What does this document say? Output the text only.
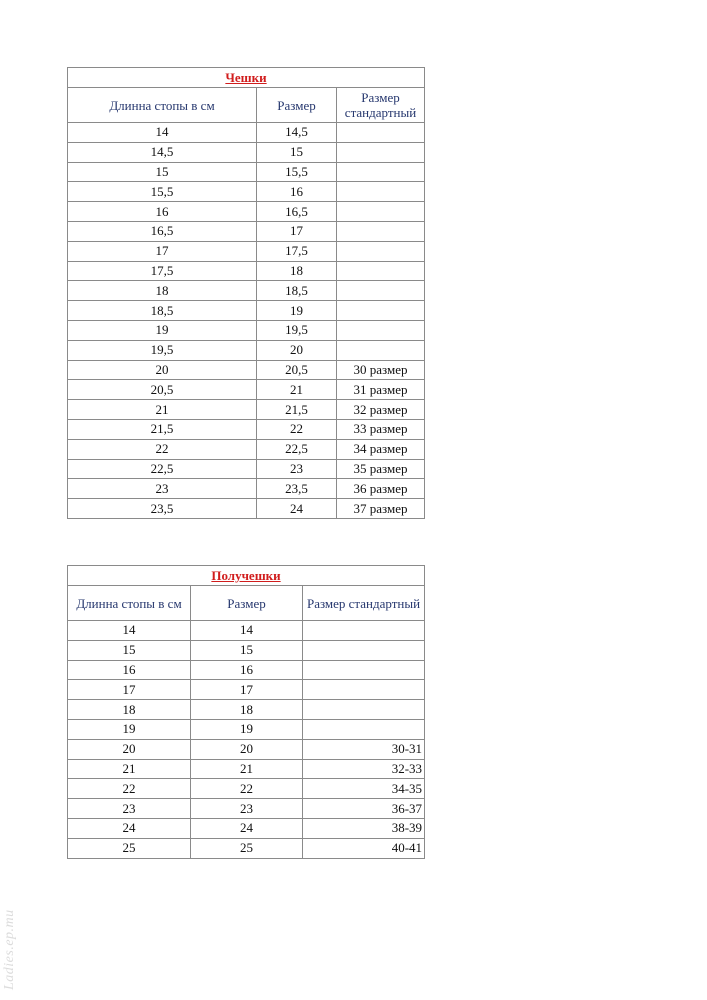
Чешки		
Длинна стопы в см	Размер	Размер стандартный
14	14,5	
14,5	15	
15	15,5	
15,5	16	
16	16,5	
16,5	17	
17	17,5	
17,5	18	
18	18,5	
18,5	19	
19	19,5	
19,5	20	
20	20,5	30 размер
20,5	21	31 размер
21	21,5	32 размер
21,5	22	33 размер
22	22,5	34 размер
22,5	23	35 размер
23	23,5	36 размер
23,5	24	37 размер
Получешки		
Длинна стопы в см	Размер	Размер стандартный
14	14	
15	15	
16	16	
17	17	
18	18	
19	19	
20	20	30-31
21	21	32-33
22	22	34-35
23	23	36-37
24	24	38-39
25	25	40-41
Ladies.ep.mu
